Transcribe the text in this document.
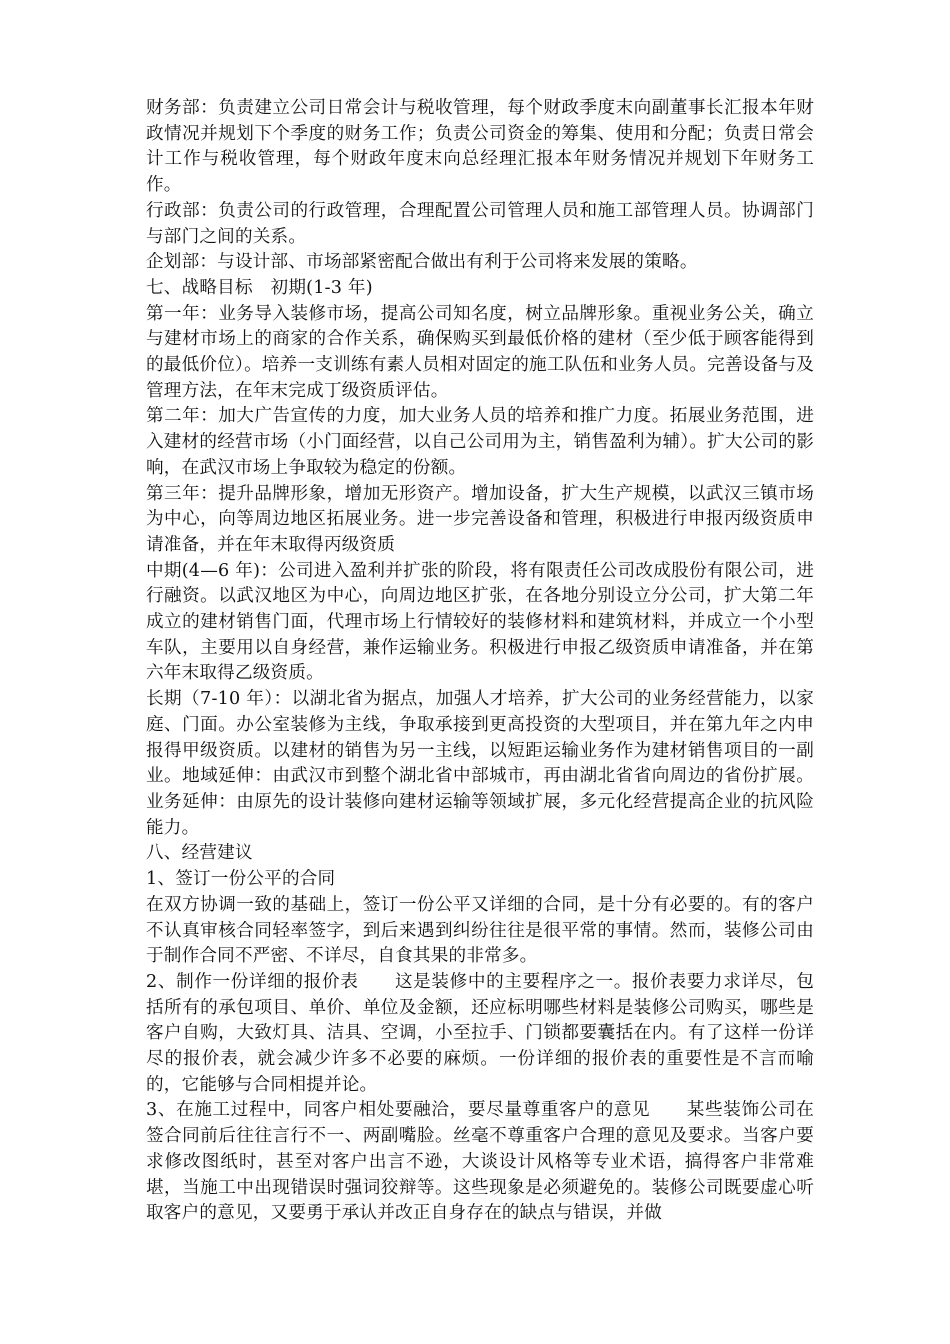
财务部：负责建立公司日常会计与税收管理，每个财政季度末向副董事长汇报本年财政情况并规划下个季度的财务工作；负责公司资金的筹集、使用和分配；负责日常会计工作与税收管理，每个财政年度末向总经理汇报本年财务情况并规划下年财务工作。

行政部：负责公司的行政管理，合理配置公司管理人员和施工部管理人员。协调部门与部门之间的关系。

企划部：与设计部、市场部紧密配合做出有利于公司将来发展的策略。

七、战略目标　初期(1-3 年)

第一年：业务导入装修市场，提高公司知名度，树立品牌形象。重视业务公关，确立与建材市场上的商家的合作关系，确保购买到最低价格的建材（至少低于顾客能得到的最低价位）。培养一支训练有素人员相对固定的施工队伍和业务人员。完善设备与及管理方法，在年末完成丁级资质评估。

第二年：加大广告宣传的力度，加大业务人员的培养和推广力度。拓展业务范围，进入建材的经营市场（小门面经营，以自己公司用为主，销售盈利为辅）。扩大公司的影响，在武汉市场上争取较为稳定的份额。

第三年：提升品牌形象，增加无形资产。增加设备，扩大生产规模，以武汉三镇市场为中心，向等周边地区拓展业务。进一步完善设备和管理，积极进行申报丙级资质申请准备，并在年末取得丙级资质

中期(4—6 年)：公司进入盈利并扩张的阶段，将有限责任公司改成股份有限公司，进行融资。以武汉地区为中心，向周边地区扩张，在各地分别设立分公司，扩大第二年成立的建材销售门面，代理市场上行情较好的装修材料和建筑材料，并成立一个小型车队，主要用以自身经营，兼作运输业务。积极进行申报乙级资质申请准备，并在第六年末取得乙级资质。

长期（7-10 年）：以湖北省为据点，加强人才培养，扩大公司的业务经营能力，以家庭、门面。办公室装修为主线，争取承接到更高投资的大型项目，并在第九年之内申报得甲级资质。以建材的销售为另一主线，以短距运输业务作为建材销售项目的一副业。地域延伸：由武汉市到整个湖北省中部城市，再由湖北省省向周边的省份扩展。业务延伸：由原先的设计装修向建材运输等领域扩展，多元化经营提高企业的抗风险能力。

八、经营建议

1、签订一份公平的合同

在双方协调一致的基础上，签订一份公平又详细的合同，是十分有必要的。有的客户不认真审核合同轻率签字，到后来遇到纠纷往往是很平常的事情。然而，装修公司由于制作合同不严密、不详尽，自食其果的非常多。

2、制作一份详细的报价表　　这是装修中的主要程序之一。报价表要力求详尽，包括所有的承包项目、单价、单位及金额，还应标明哪些材料是装修公司购买，哪些是客户自购，大致灯具、洁具、空调，小至拉手、门锁都要囊括在内。有了这样一份详尽的报价表，就会减少许多不必要的麻烦。一份详细的报价表的重要性是不言而喻的，它能够与合同相提并论。

3、在施工过程中，同客户相处要融洽，要尽量尊重客户的意见　　某些装饰公司在签合同前后往往言行不一、两副嘴脸。丝毫不尊重客户合理的意见及要求。当客户要求修改图纸时，甚至对客户出言不逊，大谈设计风格等专业术语，搞得客户非常难堪，当施工中出现错误时强词狡辩等。这些现象是必须避免的。装修公司既要虚心听取客户的意见，又要勇于承认并改正自身存在的缺点与错误，并做
